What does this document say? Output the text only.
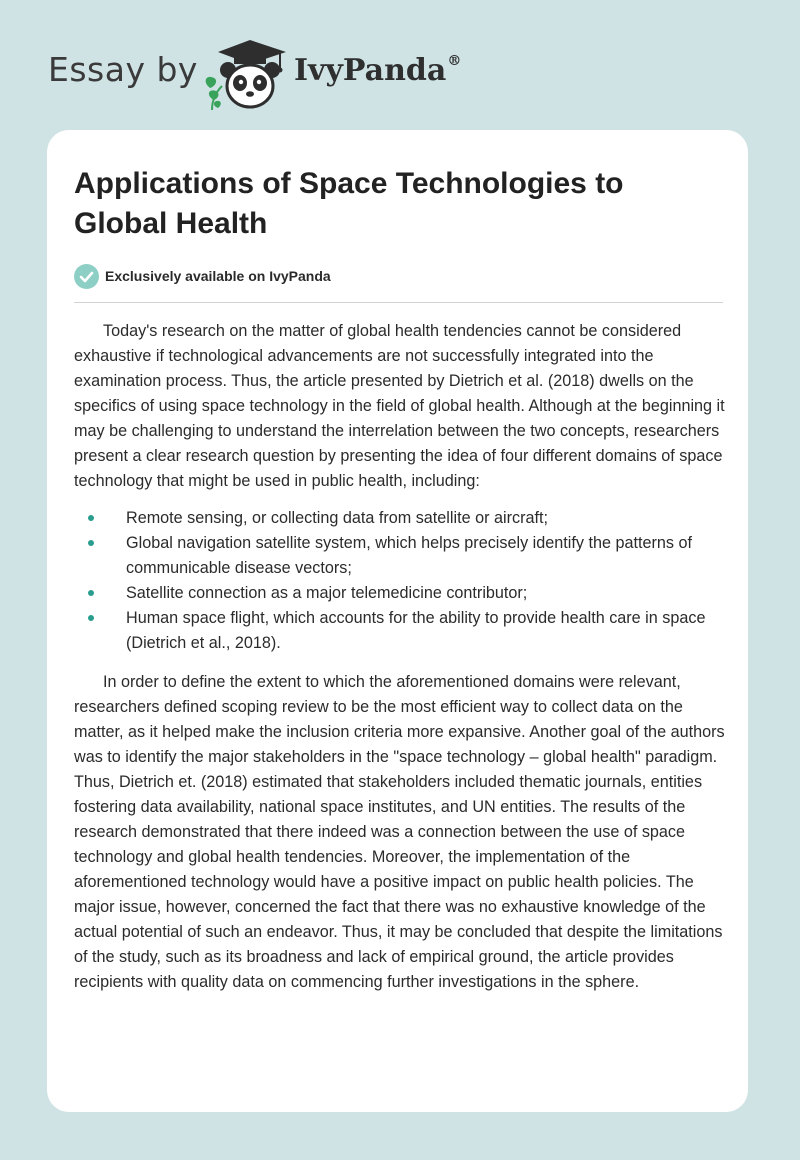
Essay by	IvyPanda®
Applications of Space Technologies to Global Health
Exclusively available on IvyPanda

Today's research on the matter of global health tendencies cannot be considered exhaustive if technological advancements are not successfully integrated into the examination process. Thus, the article presented by Dietrich et al. (2018) dwells on the specifics of using space technology in the field of global health. Although at the beginning it may be challenging to understand the interrelation between the two concepts, researchers present a clear research question by presenting the idea of four different domains of space technology that might be used in public health, including:

Remote sensing, or collecting data from satellite or aircraft;
Global navigation satellite system, which helps precisely identify the patterns of communicable disease vectors;
Satellite connection as a major telemedicine contributor;
Human space flight, which accounts for the ability to provide health care in space (Dietrich et al., 2018).

In order to define the extent to which the aforementioned domains were relevant, researchers defined scoping review to be the most efficient way to collect data on the matter, as it helped make the inclusion criteria more expansive. Another goal of the authors was to identify the major stakeholders in the "space technology – global health" paradigm. Thus, Dietrich et. (2018) estimated that stakeholders included thematic journals, entities fostering data availability, national space institutes, and UN entities. The results of the research demonstrated that there indeed was a connection between the use of space technology and global health tendencies. Moreover, the implementation of the aforementioned technology would have a positive impact on public health policies. The major issue, however, concerned the fact that there was no exhaustive knowledge of the actual potential of such an endeavor. Thus, it may be concluded that despite the limitations of the study, such as its broadness and lack of empirical ground, the article provides recipients with quality data on commencing further investigations in the sphere.
